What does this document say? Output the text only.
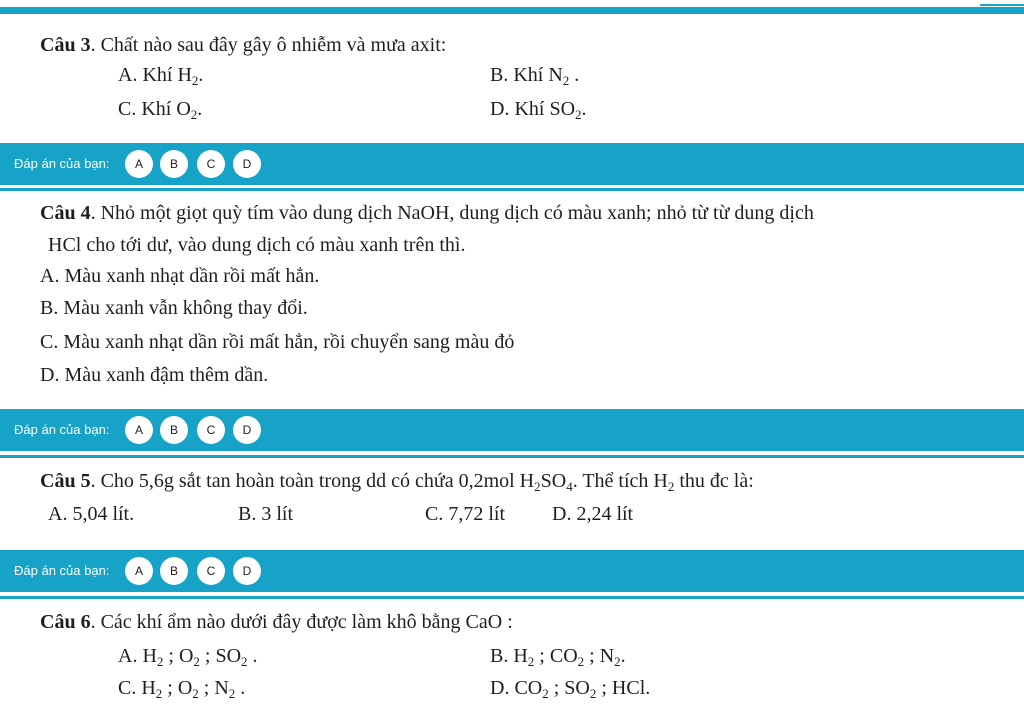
Câu 3. Chất nào sau đây gây ô nhiễm và mưa axit:
A. Khí $H_2$.	B. Khí $N_2$ .
C. Khí $O_2$.	D. Khí $SO_2$.
Đáp án của bạn:	A	B	C	D
Câu 4. Nhỏ một giọt quỳ tím vào dung dịch NaOH, dung dịch có màu xanh; nhỏ từ từ dung dịch
HCl cho tới dư, vào dung dịch có màu xanh trên thì.
A. Màu xanh nhạt dần rồi mất hẳn.
B. Màu xanh vẫn không thay đổi.
C. Màu xanh nhạt dần rồi mất hẳn, rồi chuyển sang màu đỏ
D. Màu xanh đậm thêm dần.
Đáp án của bạn:	A	B	C	D
Câu 5. Cho 5,6g sắt tan hoàn toàn trong dd có chứa 0,2mol $H_2SO_4$. Thể tích $H_2$ thu đc là:
A. 5,04 lít.	B. 3 lít	C. 7,72 lít D. 2,24 lít
Đáp án của bạn:	A	B	C	D
Câu 6. Các khí ẩm nào dưới đây được làm khô bằng CaO :
A. $H_2$ ; $O_2$ ; $SO_2$ .	B. $H_2$ ; $CO_2$ ; $N_2$.
C. $H_2$ ; $O_2$ ; $N_2$ .	D. $CO_2$ ; $SO_2$ ; HCl.
